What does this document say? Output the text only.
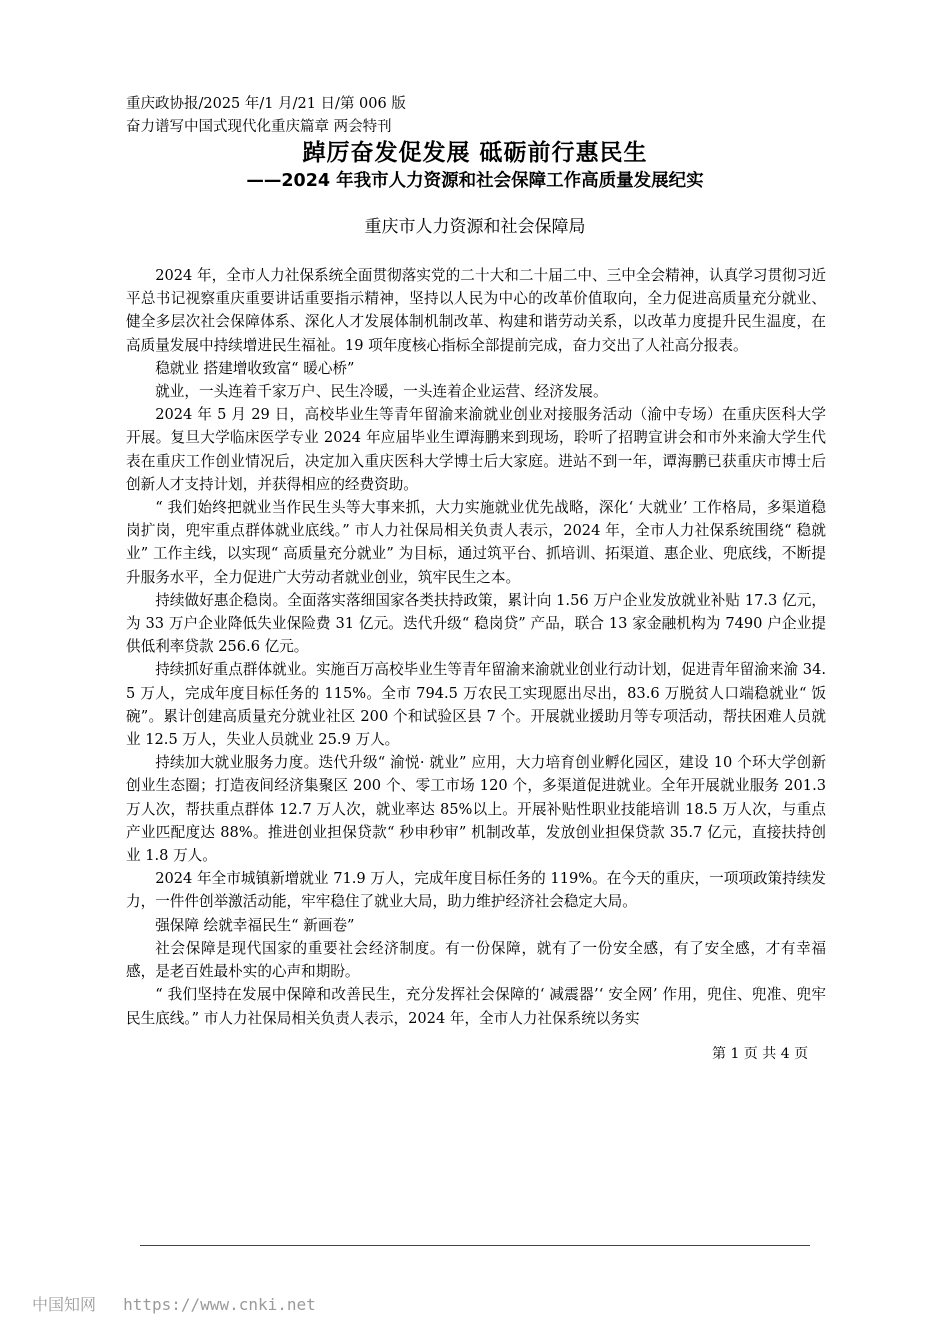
重庆政协报/2025 年/1 月/21 日/第 006 版
奋力谱写中国式现代化重庆篇章 两会特刊
踔厉奋发促发展 砥砺前行惠民生
——2024 年我市人力资源和社会保障工作高质量发展纪实
重庆市人力资源和社会保障局

2024 年，全市人力社保系统全面贯彻落实党的二十大和二十届二中、三中全会精神，认真学习贯彻习近平总书记视察重庆重要讲话重要指示精神，坚持以人民为中心的改革价值取向，全力促进高质量充分就业、健全多层次社会保障体系、深化人才发展体制机制改革、构建和谐劳动关系，以改革力度提升民生温度，在高质量发展中持续增进民生福祉。19 项年度核心指标全部提前完成，奋力交出了人社高分报表。

稳就业 搭建增收致富“ 暖心桥”

就业，一头连着千家万户、民生冷暖，一头连着企业运营、经济发展。

2024 年 5 月 29 日，高校毕业生等青年留渝来渝就业创业对接服务活动（渝中专场）在重庆医科大学开展。复旦大学临床医学专业 2024 年应届毕业生谭海鹏来到现场，聆听了招聘宣讲会和市外来渝大学生代表在重庆工作创业情况后，决定加入重庆医科大学博士后大家庭。进站不到一年，谭海鹏已获重庆市博士后创新人才支持计划，并获得相应的经费资助。

“ 我们始终把就业当作民生头等大事来抓，大力实施就业优先战略，深化‘ 大就业’ 工作格局，多渠道稳岗扩岗，兜牢重点群体就业底线。” 市人力社保局相关负责人表示，2024 年，全市人力社保系统围绕“ 稳就业” 工作主线，以实现“ 高质量充分就业” 为目标，通过筑平台、抓培训、拓渠道、惠企业、兜底线，不断提升服务水平，全力促进广大劳动者就业创业，筑牢民生之本。

持续做好惠企稳岗。全面落实落细国家各类扶持政策，累计向 1.56 万户企业发放就业补贴 17.3 亿元，为 33 万户企业降低失业保险费 31 亿元。迭代升级“ 稳岗贷” 产品，联合 13 家金融机构为 7490 户企业提供低利率贷款 256.6 亿元。

持续抓好重点群体就业。实施百万高校毕业生等青年留渝来渝就业创业行动计划，促进青年留渝来渝 34.5 万人，完成年度目标任务的 115%。全市 794.5 万农民工实现愿出尽出，83.6 万脱贫人口端稳就业“ 饭碗”。累计创建高质量充分就业社区 200 个和试验区县 7 个。开展就业援助月等专项活动，帮扶困难人员就业 12.5 万人，失业人员就业 25.9 万人。

持续加大就业服务力度。迭代升级“ 渝悦· 就业” 应用，大力培育创业孵化园区，建设 10 个环大学创新创业生态圈；打造夜间经济集聚区 200 个、零工市场 120 个，多渠道促进就业。全年开展就业服务 201.3 万人次，帮扶重点群体 12.7 万人次，就业率达 85%以上。开展补贴性职业技能培训 18.5 万人次，与重点产业匹配度达 88%。推进创业担保贷款“ 秒申秒审” 机制改革，发放创业担保贷款 35.7 亿元，直接扶持创业 1.8 万人。

2024 年全市城镇新增就业 71.9 万人，完成年度目标任务的 119%。在今天的重庆，一项项政策持续发力，一件件创举激活动能，牢牢稳住了就业大局，助力维护经济社会稳定大局。

强保障 绘就幸福民生“ 新画卷”

社会保障是现代国家的重要社会经济制度。有一份保障，就有了一份安全感，有了安全感，才有幸福感，是老百姓最朴实的心声和期盼。

“ 我们坚持在发展中保障和改善民生，充分发挥社会保障的‘ 减震器’‘ 安全网’ 作用，兜住、兜准、兜牢民生底线。” 市人力社保局相关负责人表示，2024 年，全市人力社保系统以务实

第 1 页 共 4 页
中国知网 https://www.cnki.net
